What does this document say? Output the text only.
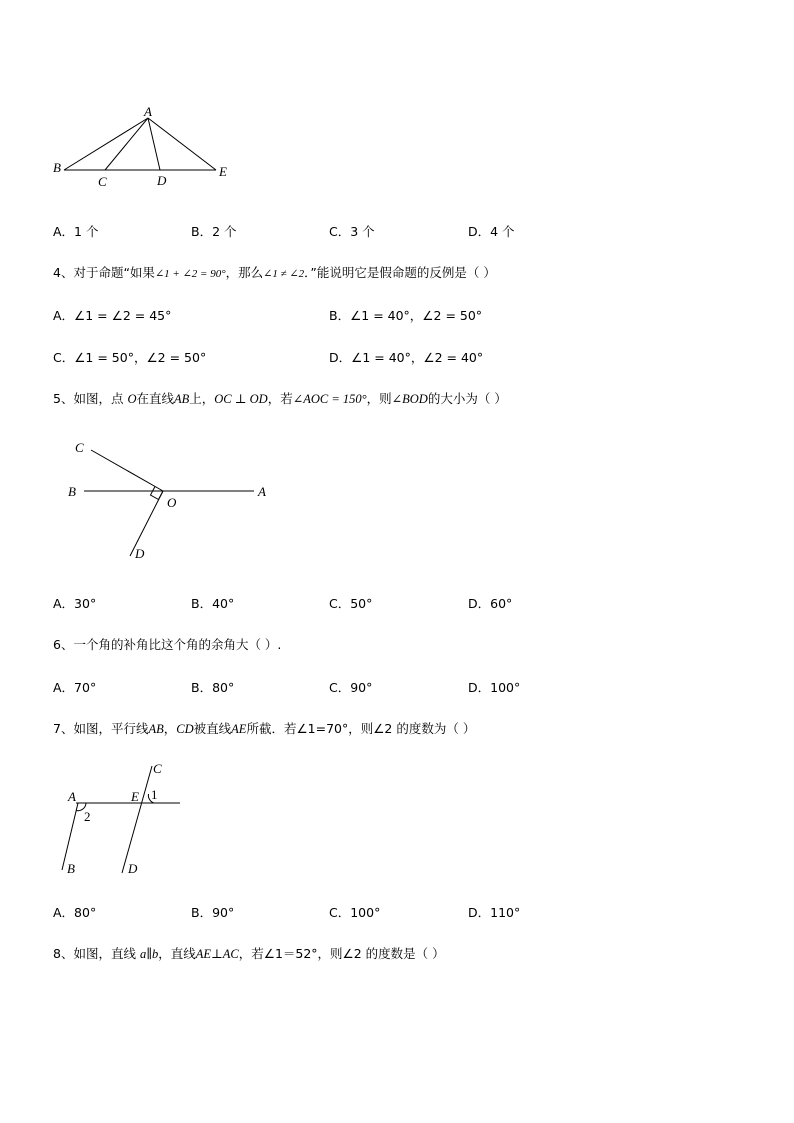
A
B
C	D
E
A．1 个	B．2 个	C．3 个	D．4 个
4、对于命题“如果∠1 + ∠2 = 90°，那么∠1 ≠ ∠2．”能说明它是假命题的反例是（ ）
A．∠1 = ∠2 = 45°	B．∠1 = 40°，∠2 = 50°
C．∠1 = 50°，∠2 = 50°	D．∠1 = 40°，∠2 = 40°
5、如图，点 O在直线AB上，OC ⊥ OD，若∠AOC = 150°，则∠BOD的大小为（ ）
C
B
O
A
D
A．30°	B．40°	C．50°	D．60°
6、一个角的补角比这个角的余角大（ ）.
A．70°	B．80°	C．90°	D．100°
7、如图，平行线AB，CD被直线AE所截．若∠1=70°，则∠2 的度数为（ ）
A	E
C
1
2
B	D
A．80°	B．90°	C．100°	D．110°
8、如图，直线 a∥b，直线AE⊥AC，若∠1＝52°，则∠2 的度数是（ ）
